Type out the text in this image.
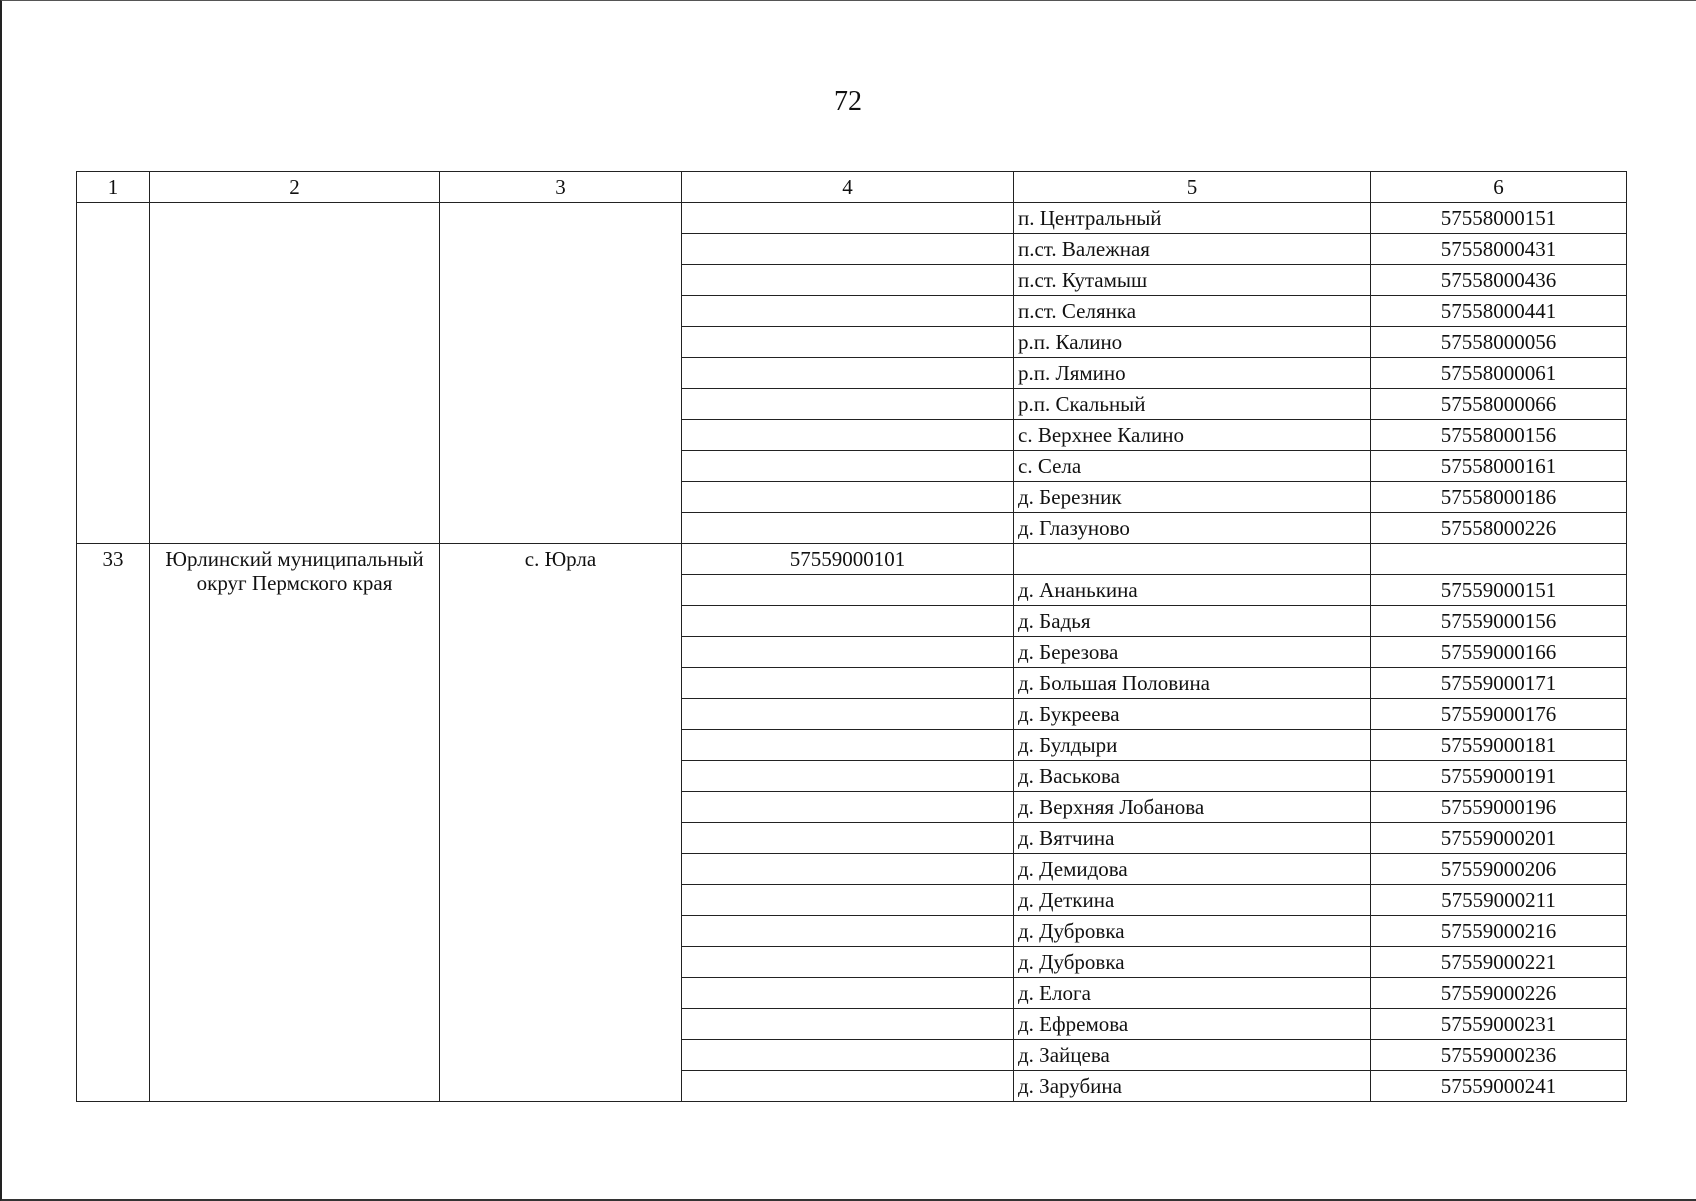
72
1	2	3	4	5	6
				п. Центральный	57558000151
				п.ст. Валежная	57558000431
				п.ст. Кутамыш	57558000436
				п.ст. Селянка	57558000441
				р.п. Калино	57558000056
				р.п. Лямино	57558000061
				р.п. Скальный	57558000066
				с. Верхнее Калино	57558000156
				с. Села	57558000161
				д. Березник	57558000186
				д. Глазуново	57558000226
33	Юрлинский муниципальный округ Пермского края	с. Юрла	57559000101		
				д. Ананькина	57559000151
				д. Бадья	57559000156
				д. Березова	57559000166
				д. Большая Половина	57559000171
				д. Букреева	57559000176
				д. Булдыри	57559000181
				д. Васькова	57559000191
				д. Верхняя Лобанова	57559000196
				д. Вятчина	57559000201
				д. Демидова	57559000206
				д. Деткина	57559000211
				д. Дубровка	57559000216
				д. Дубровка	57559000221
				д. Елога	57559000226
				д. Ефремова	57559000231
				д. Зайцева	57559000236
				д. Зарубина	57559000241
